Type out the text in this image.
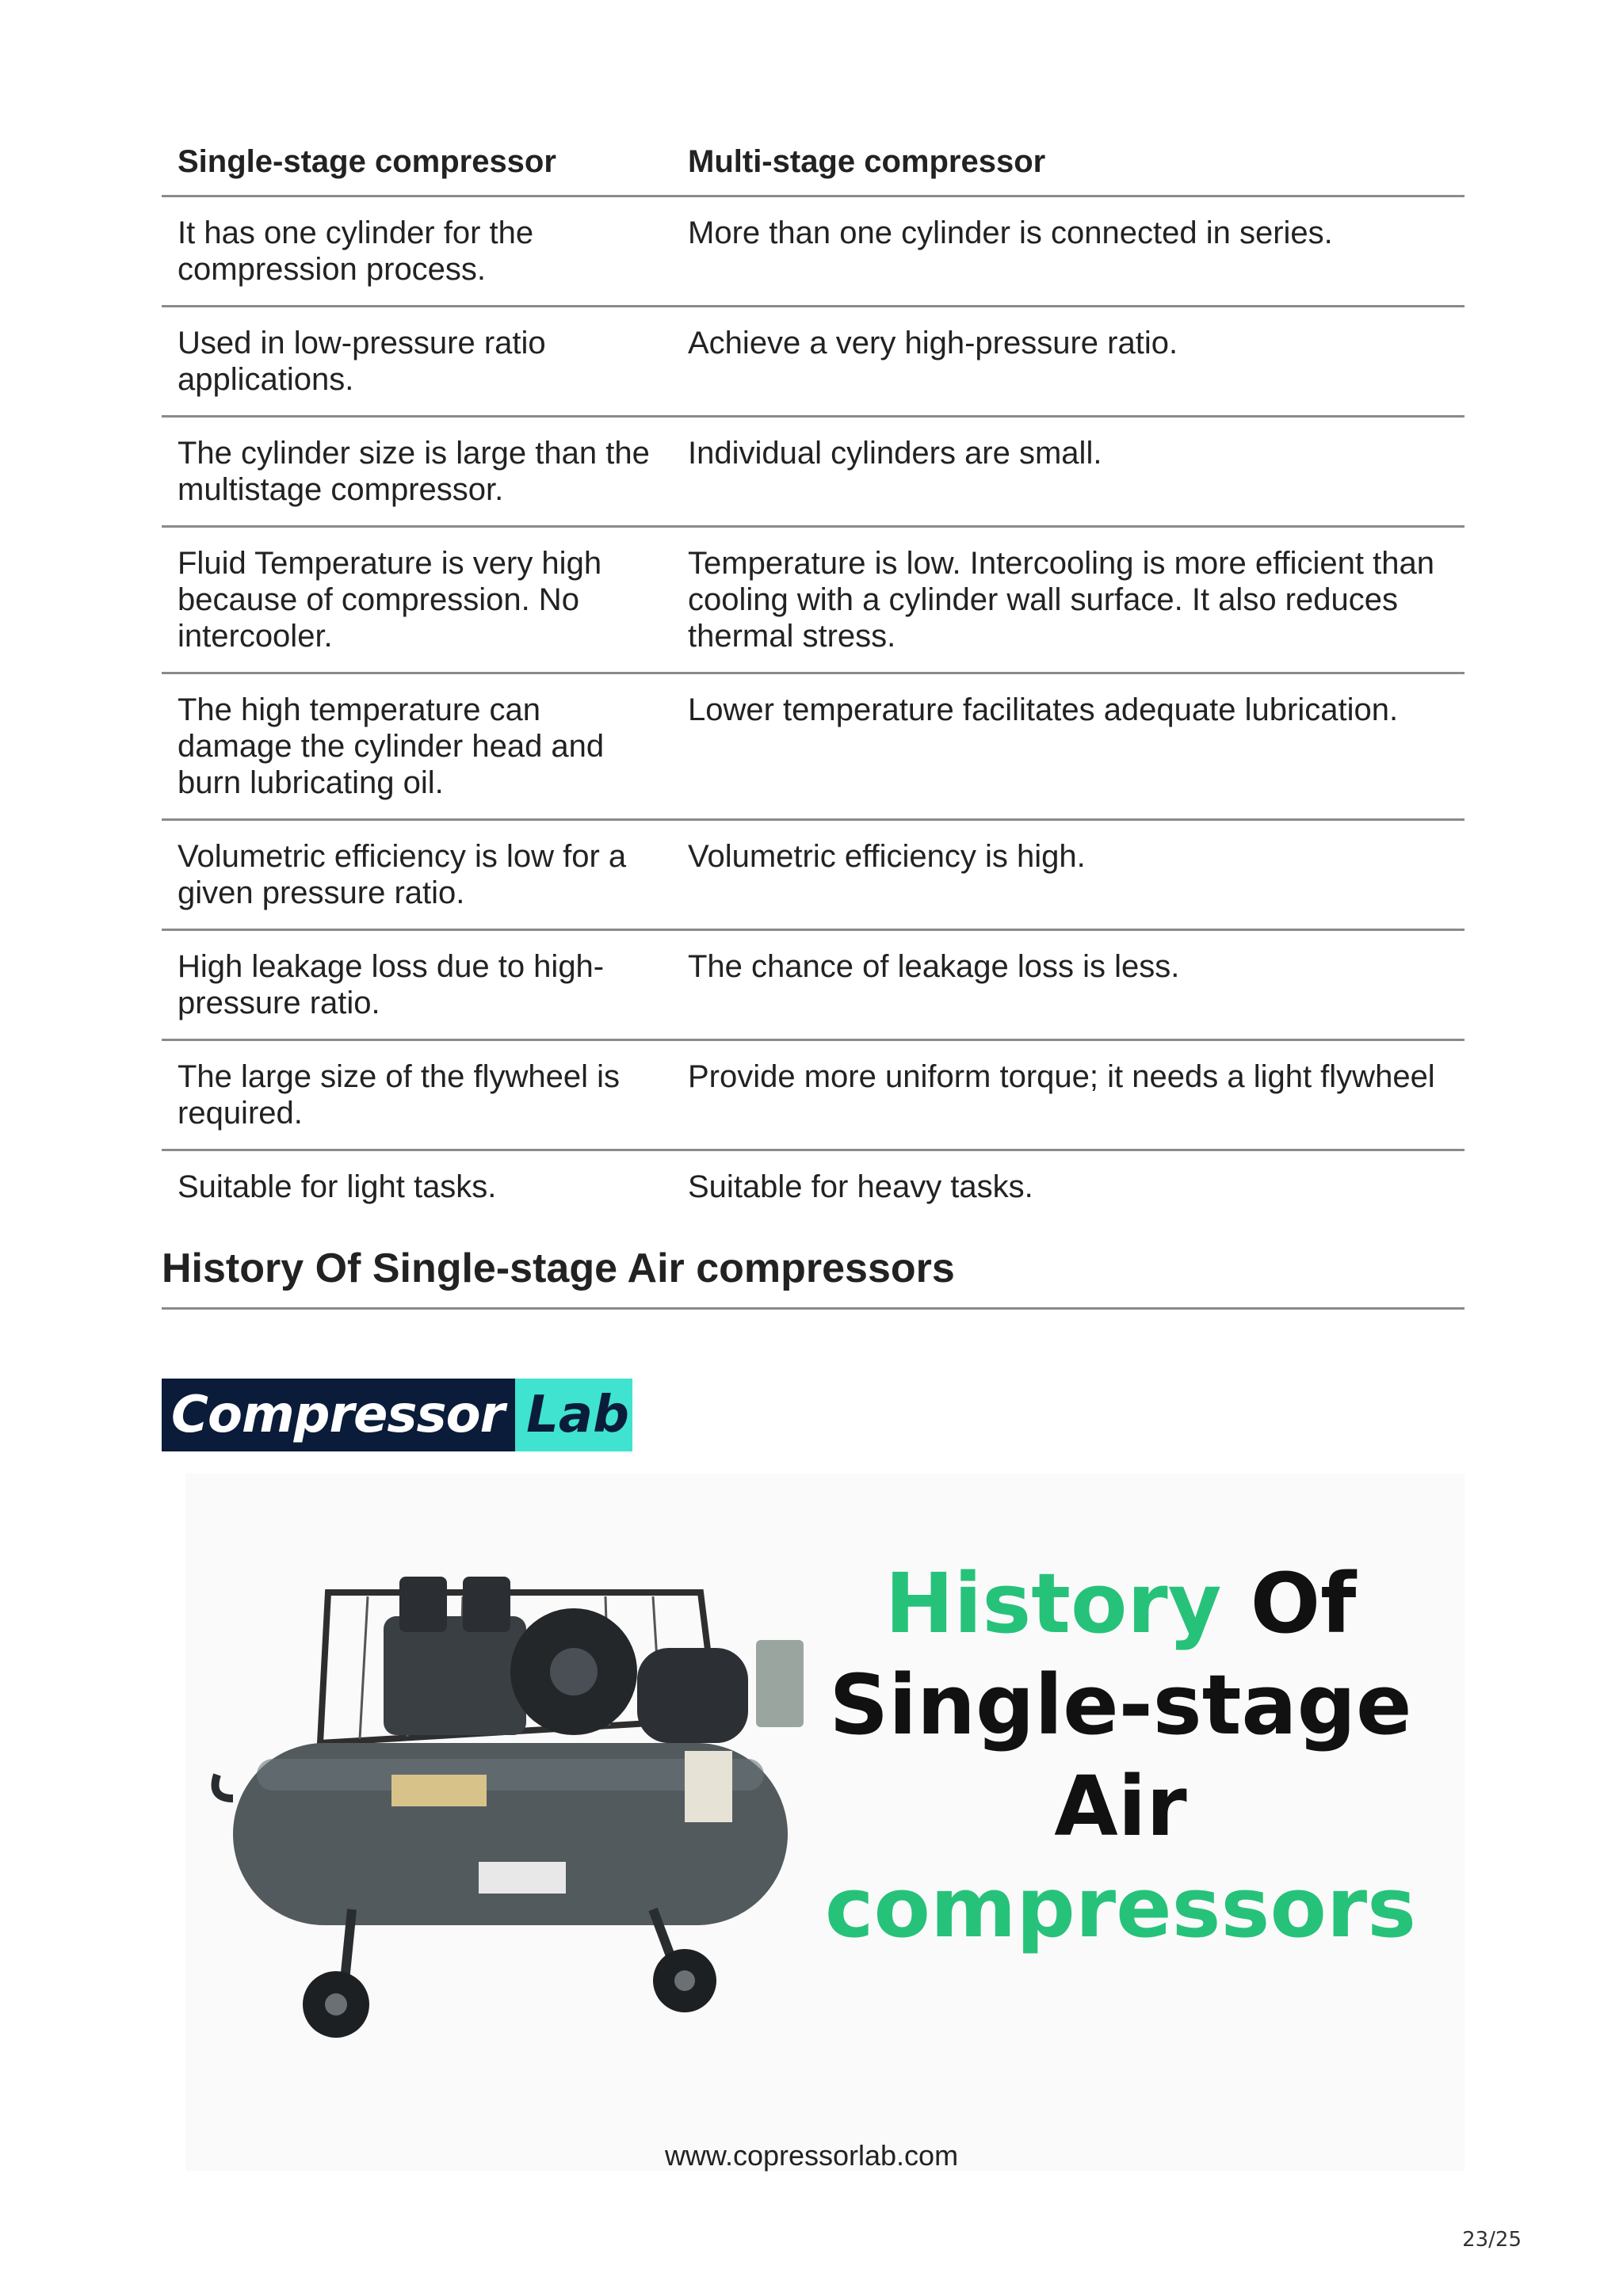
Single-stage compressor	Multi-stage compressor
It has one cylinder for the compression process.	More than one cylinder is connected in series.
Used in low-pressure ratio applications.	Achieve a very high-pressure ratio.
The cylinder size is large than the multistage compressor.	Individual cylinders are small.
Fluid Temperature is very high because of compression. No intercooler.	Temperature is low. Intercooling is more efficient than cooling with a cylinder wall surface. It also reduces thermal stress.
The high temperature can damage the cylinder head and burn lubricating oil.	Lower temperature facilitates adequate lubrication.
Volumetric efficiency is low for a given pressure ratio.	Volumetric efficiency is high.
High leakage loss due to high-pressure ratio.	The chance of leakage loss is less.
The large size of the flywheel is required.	Provide more uniform torque; it needs a light flywheel
Suitable for light tasks.	Suitable for heavy tasks.
History Of Single-stage Air compressors
Compressor Lab
History Of
Single-stage
Air compressors
www.copressorlab.com
23/25
